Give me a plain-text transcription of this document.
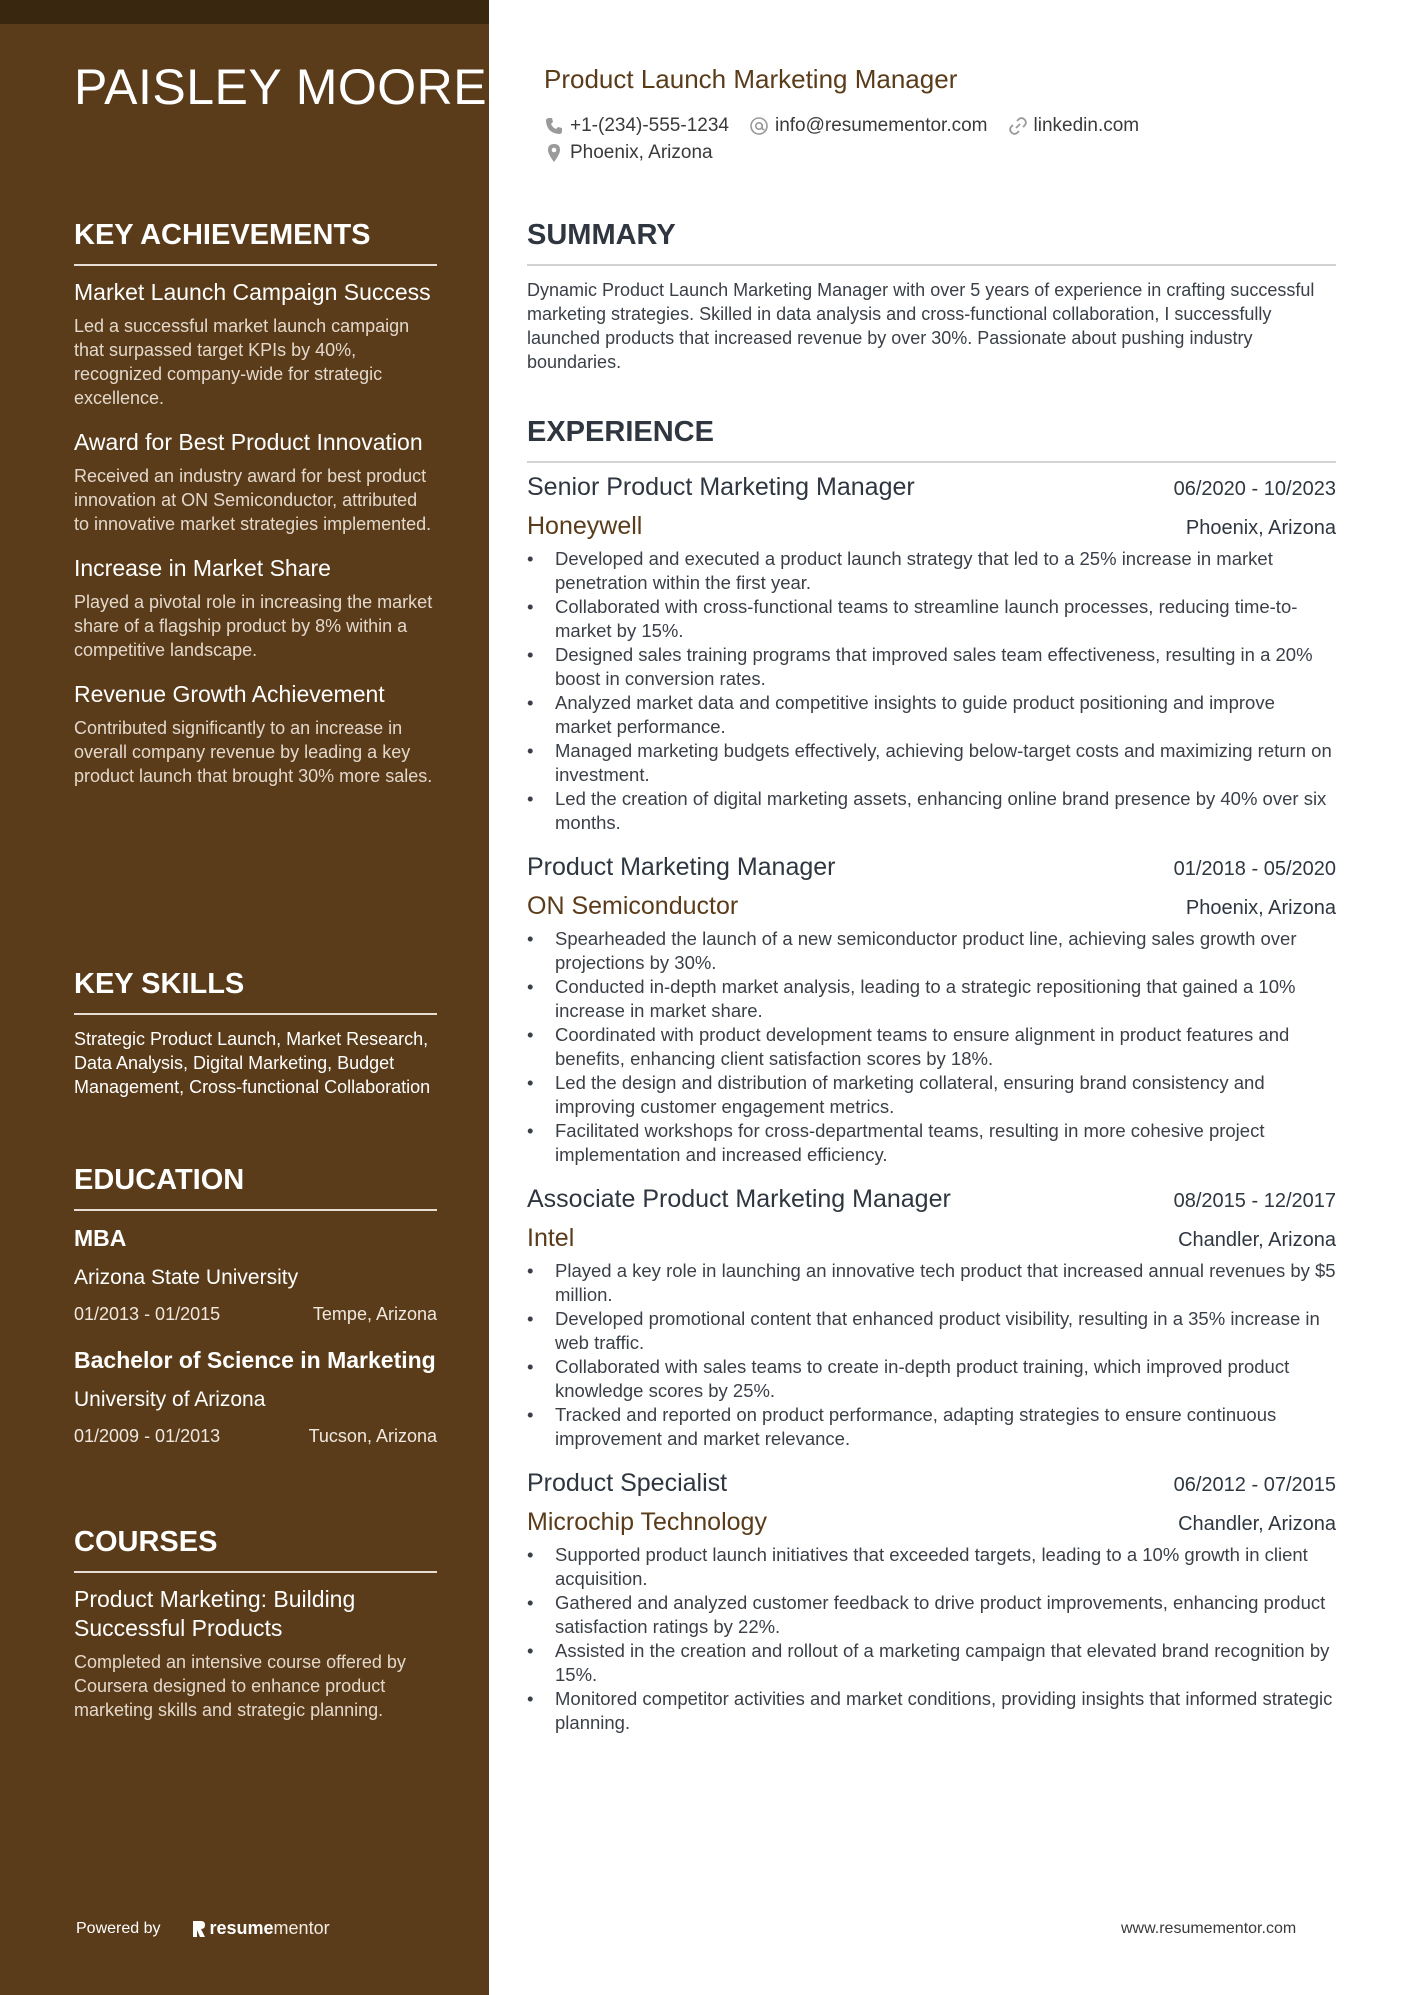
PAISLEY MOORE
KEY ACHIEVEMENTS
Market Launch Campaign Success
Led a successful market launch campaign that surpassed target KPIs by 40%, recognized company-wide for strategic excellence.
Award for Best Product Innovation
Received an industry award for best product innovation at ON Semiconductor, attributed to innovative market strategies implemented.
Increase in Market Share
Played a pivotal role in increasing the market share of a flagship product by 8% within a competitive landscape.
Revenue Growth Achievement
Contributed significantly to an increase in overall company revenue by leading a key product launch that brought 30% more sales.
KEY SKILLS
Strategic Product Launch, Market Research, Data Analysis, Digital Marketing, Budget Management, Cross-functional Collaboration
EDUCATION
MBA
Arizona State University
01/2013 - 01/2015	Tempe, Arizona
Bachelor of Science in Marketing
University of Arizona
01/2009 - 01/2013	Tucson, Arizona
COURSES
Product Marketing: Building Successful Products
Completed an intensive course offered by Coursera designed to enhance product marketing skills and strategic planning.
Powered by	resume mentor
Product Launch Marketing Manager
+1-(234)-555-1234 info@resumementor.com linkedin.com
Phoenix, Arizona
SUMMARY
Dynamic Product Launch Marketing Manager with over 5 years of experience in crafting successful marketing strategies. Skilled in data analysis and cross-functional collaboration, I successfully launched products that increased revenue by over 30%. Passionate about pushing industry boundaries.
EXPERIENCE
Senior Product Marketing Manager	06/2020 - 10/2023
Honeywell	Phoenix, Arizona
• Developed and executed a product launch strategy that led to a 25% increase in market penetration within the first year.
• Collaborated with cross-functional teams to streamline launch processes, reducing time-to-market by 15%.
• Designed sales training programs that improved sales team effectiveness, resulting in a 20% boost in conversion rates.
• Analyzed market data and competitive insights to guide product positioning and improve market performance.
• Managed marketing budgets effectively, achieving below-target costs and maximizing return on investment.
• Led the creation of digital marketing assets, enhancing online brand presence by 40% over six months.
Product Marketing Manager	01/2018 - 05/2020
ON Semiconductor	Phoenix, Arizona
• Spearheaded the launch of a new semiconductor product line, achieving sales growth over projections by 30%.
• Conducted in-depth market analysis, leading to a strategic repositioning that gained a 10% increase in market share.
• Coordinated with product development teams to ensure alignment in product features and benefits, enhancing client satisfaction scores by 18%.
• Led the design and distribution of marketing collateral, ensuring brand consistency and improving customer engagement metrics.
• Facilitated workshops for cross-departmental teams, resulting in more cohesive project implementation and increased efficiency.
Associate Product Marketing Manager	08/2015 - 12/2017
Intel	Chandler, Arizona
• Played a key role in launching an innovative tech product that increased annual revenues by $5 million.
• Developed promotional content that enhanced product visibility, resulting in a 35% increase in web traffic.
• Collaborated with sales teams to create in-depth product training, which improved product knowledge scores by 25%.
• Tracked and reported on product performance, adapting strategies to ensure continuous improvement and market relevance.
Product Specialist	06/2012 - 07/2015
Microchip Technology	Chandler, Arizona
• Supported product launch initiatives that exceeded targets, leading to a 10% growth in client acquisition.
• Gathered and analyzed customer feedback to drive product improvements, enhancing product satisfaction ratings by 22%.
• Assisted in the creation and rollout of a marketing campaign that elevated brand recognition by 15%.
• Monitored competitor activities and market conditions, providing insights that informed strategic planning.
www.resumementor.com
